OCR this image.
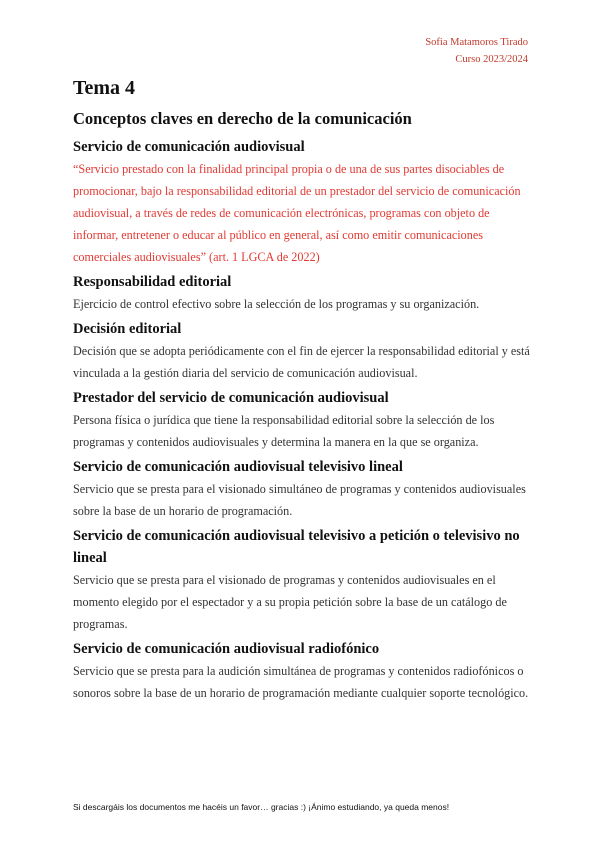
Sofia Matamoros Tirado
Curso 2023/2024
Tema 4
Conceptos claves en derecho de la comunicación
Servicio de comunicación audiovisual
“Servicio prestado con la finalidad principal propia o de una de sus partes disociables de promocionar, bajo la responsabilidad editorial de un prestador del servicio de comunicación audiovisual, a través de redes de comunicación electrónicas, programas con objeto de informar, entretener o educar al público en general, así como emitir comunicaciones comerciales audiovisuales” (art. 1 LGCA de 2022)
Responsabilidad editorial
Ejercicio de control efectivo sobre la selección de los programas y su organización.
Decisión editorial
Decisión que se adopta periódicamente con el fin de ejercer la responsabilidad editorial y está vinculada a la gestión diaria del servicio de comunicación audiovisual.
Prestador del servicio de comunicación audiovisual
Persona física o jurídica que tiene la responsabilidad editorial sobre la selección de los programas y contenidos audiovisuales y determina la manera en la que se organiza.
Servicio de comunicación audiovisual televisivo lineal
Servicio que se presta para el visionado simultáneo de programas y contenidos audiovisuales sobre la base de un horario de programación.
Servicio de comunicación audiovisual televisivo a petición o televisivo no lineal
Servicio que se presta para el visionado de programas y contenidos audiovisuales en el momento elegido por el espectador y a su propia petición sobre la base de un catálogo de programas.
Servicio de comunicación audiovisual radiofónico
Servicio que se presta para la audición simultánea de programas y contenidos radiofónicos o sonoros sobre la base de un horario de programación mediante cualquier soporte tecnológico.
Si descargáis los documentos me hacéis un favor… gracias :) ¡Ánimo estudiando, ya queda menos!
